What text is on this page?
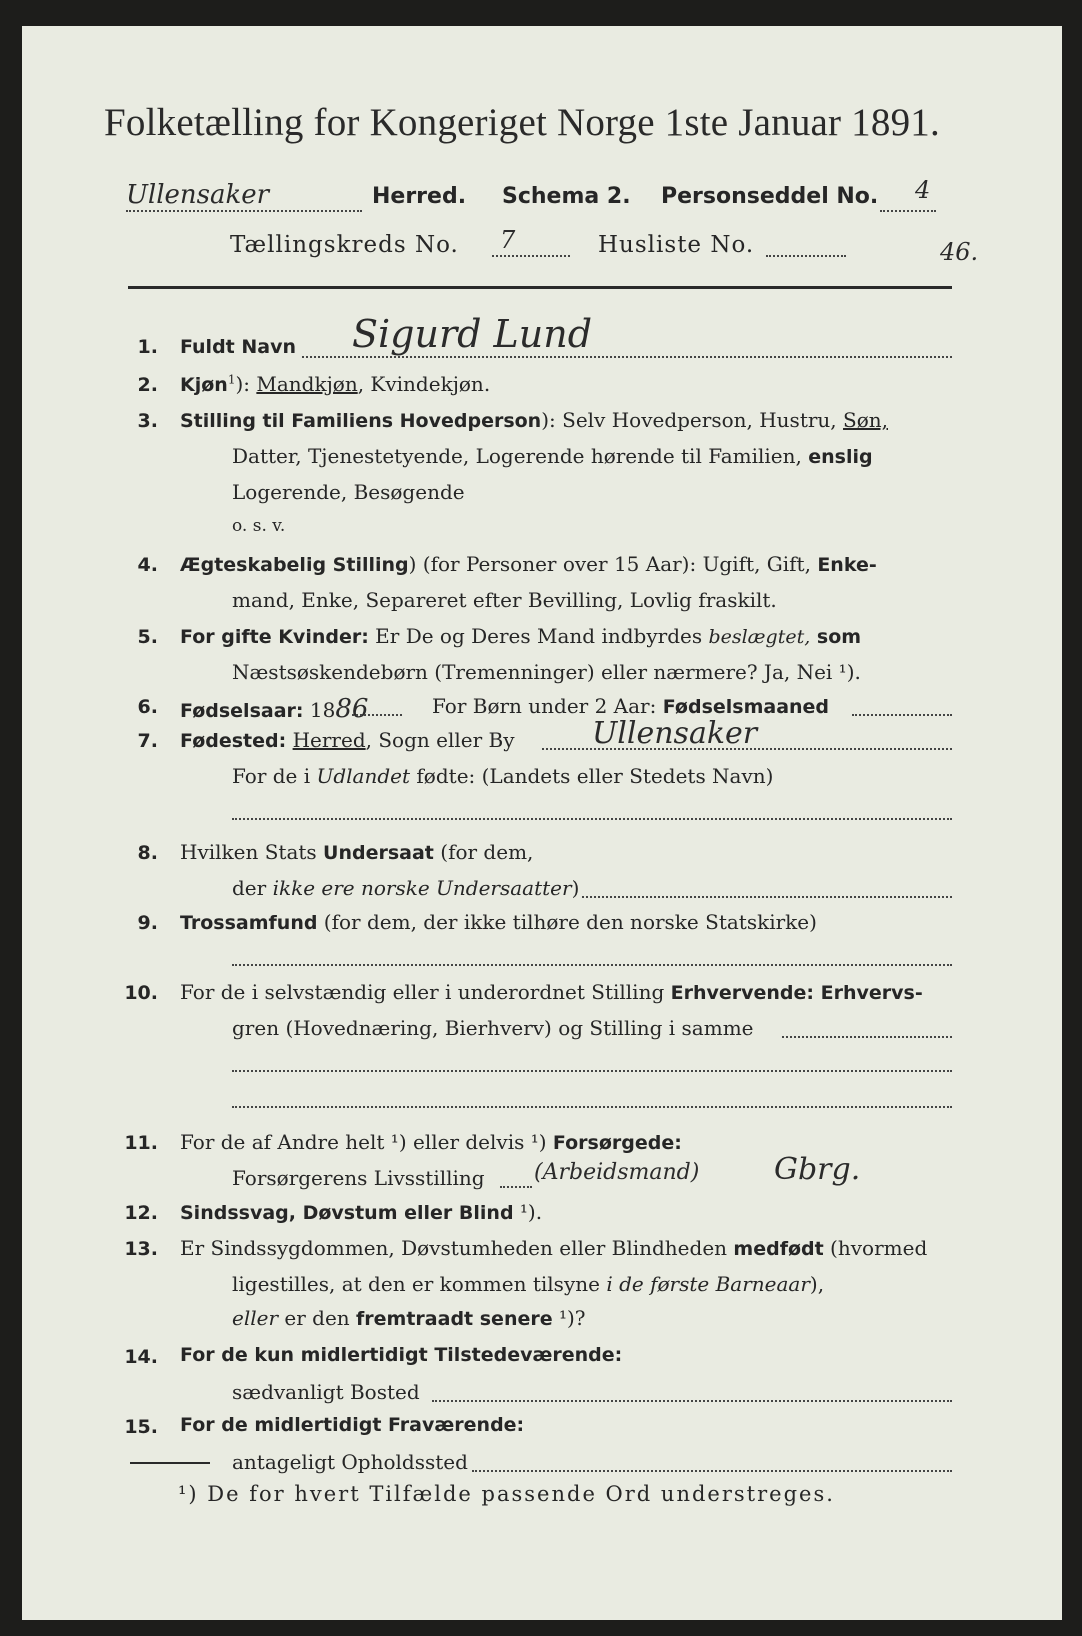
Folketælling for Kongeriget Norge 1ste Januar 1891.
Ullensaker	Herred. Schema 2. Personseddel No. 4
Tællingskreds No. 7	Husliste No.	46.
1. Fuldt Navn Sigurd Lund
2. Kjøn$^1$): Mandkjøn, Kvindekjøn.
3. Stilling til Familiens Hovedperson): Selv Hovedperson, Hustru, Søn,
Datter, Tjenestetyende, Logerende hørende til Familien, enslig
Logerende, Besøgende
o. s. v.
4. Ægteskabelig Stilling) (for Personer over 15 Aar): Ugift, Gift, Enke-
mand, Enke, Separeret efter Bevilling, Lovlig fraskilt.
5. For gifte Kvinder: Er De og Deres Mand indbyrdes beslægtet, som
Næstsøskendebørn (Tremenninger) eller nærmere? Ja, Nei ¹).
6. Fødselsaar: 1886	For Børn under 2 Aar: Fødselsmaaned
7. Fødested: Herred, Sogn eller By	Ullensaker
For de i Udlandet fødte: (Landets eller Stedets Navn)
8. Hvilken Stats Undersaat (for dem,
der ikke ere norske Undersaatter)
9. Trossamfund (for dem, der ikke tilhøre den norske Statskirke)
10. For de i selvstændig eller i underordnet Stilling Erhvervende: Erhvervs-
gren (Hovednæring, Bierhverv) og Stilling i samme
11. For de af Andre helt ¹) eller delvis ¹) Forsørgede:
Forsørgerens Livsstilling (Arbeidsmand) Gbrg.
12. Sindssvag, Døvstum eller Blind ¹).
13. Er Sindssygdommen, Døvstumheden eller Blindheden medfødt (hvormed
ligestilles, at den er kommen tilsyne i de første Barneaar),
eller er den fremtraadt senere ¹)?
14. For de kun midlertidigt Tilstedeværende:
sædvanligt Bosted
15. For de midlertidigt Fraværende:
antageligt Opholdssted
¹) De for hvert Tilfælde passende Ord understreges.
